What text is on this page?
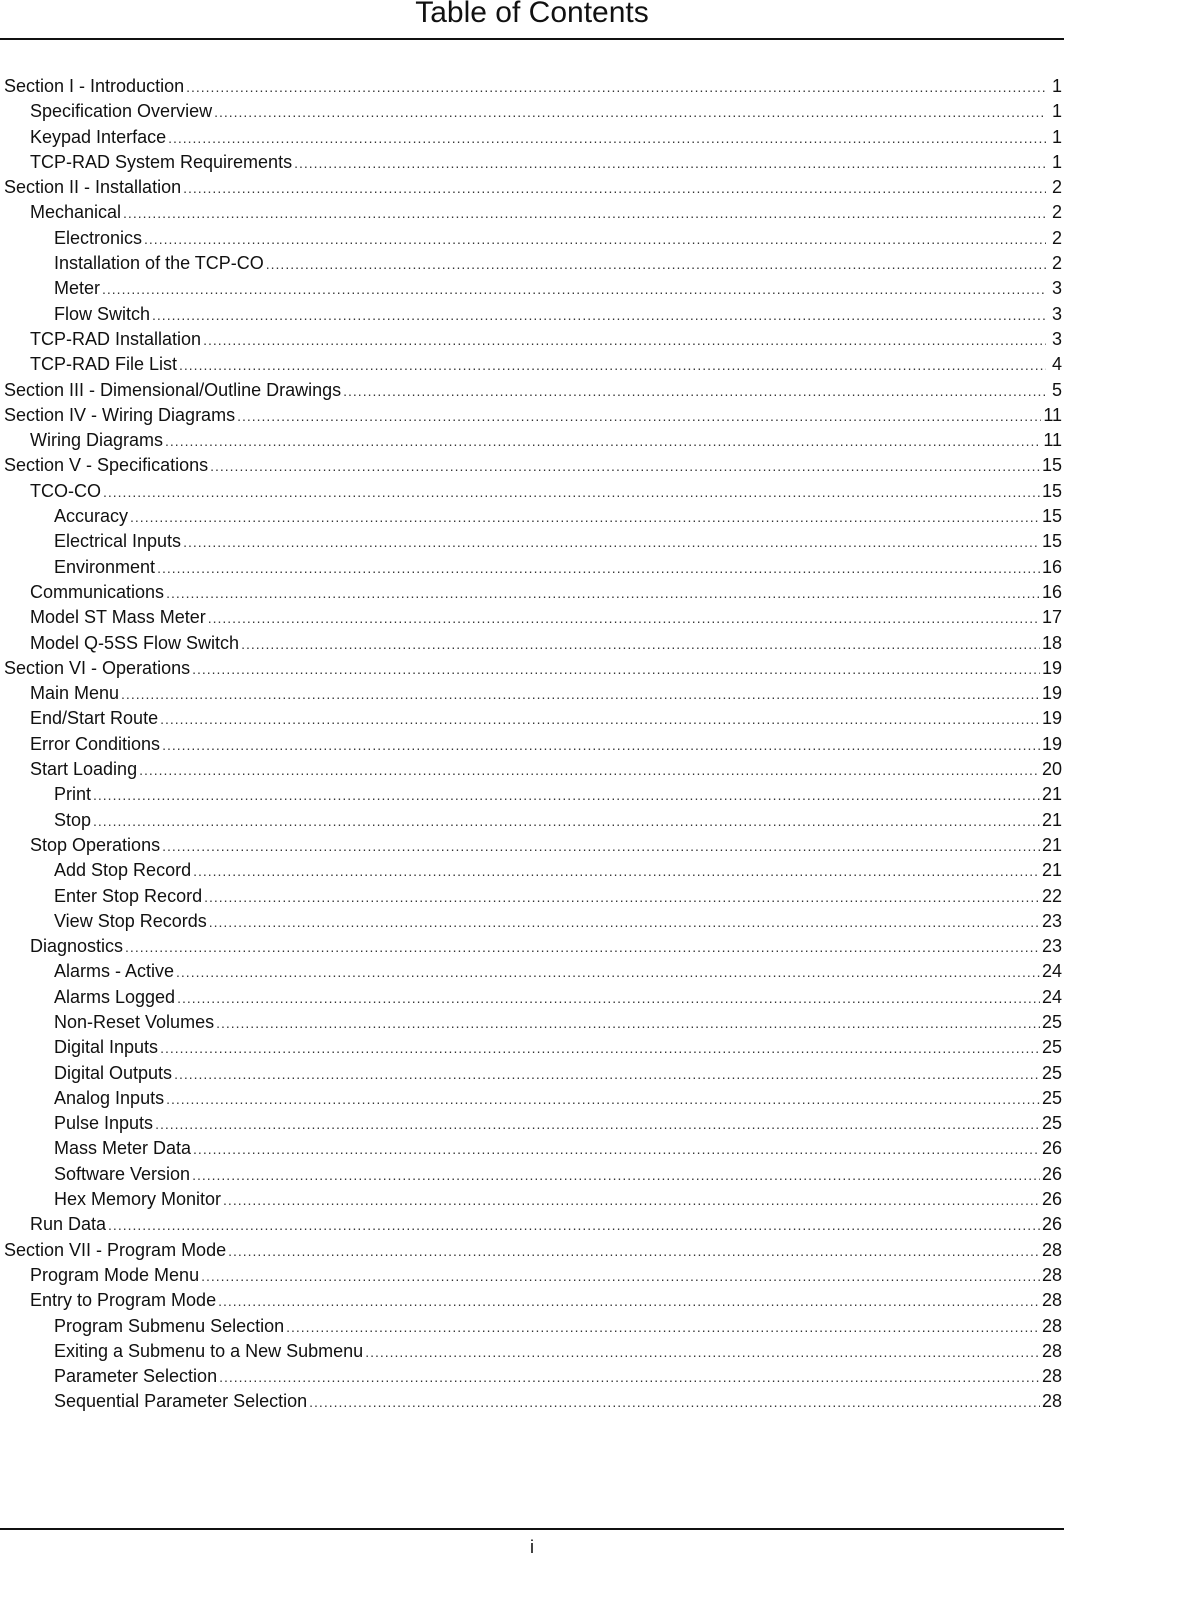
Table of Contents
Section I - Introduction .....	1
Specification Overview .....	1
Keypad Interface .....	1
TCP-RAD System Requirements .....	1
Section II - Installation .....	2
Mechanical .....	2
Electronics .....	2
Installation of the TCP-CO .....	2
Meter .....	3
Flow Switch .....	3
TCP-RAD Installation .....	3
TCP-RAD File List .....	4
Section III - Dimensional/Outline Drawings .....	5
Section IV - Wiring Diagrams .....	11
Wiring Diagrams .....	11
Section V - Specifications .....	15
TCO-CO .....	15
Accuracy .....	15
Electrical Inputs .....	15
Environment .....	16
Communications .....	16
Model ST Mass Meter .....	17
Model Q-5SS Flow Switch .....	18
Section VI - Operations .....	19
Main Menu .....	19
End/Start Route .....	19
Error Conditions .....	19
Start Loading .....	20
Print .....	21
Stop .....	21
Stop Operations .....	21
Add Stop Record .....	21
Enter Stop Record .....	22
View Stop Records .....	23
Diagnostics .....	23
Alarms - Active .....	24
Alarms Logged .....	24
Non-Reset Volumes .....	25
Digital Inputs .....	25
Digital Outputs .....	25
Analog Inputs .....	25
Pulse Inputs .....	25
Mass Meter Data .....	26
Software Version .....	26
Hex Memory Monitor .....	26
Run Data .....	26
Section VII - Program Mode .....	28
Program Mode Menu .....	28
Entry to Program Mode .....	28
Program Submenu Selection .....	28
Exiting a Submenu to a New Submenu .....	28
Parameter Selection .....	28
Sequential Parameter Selection .....	28
i
